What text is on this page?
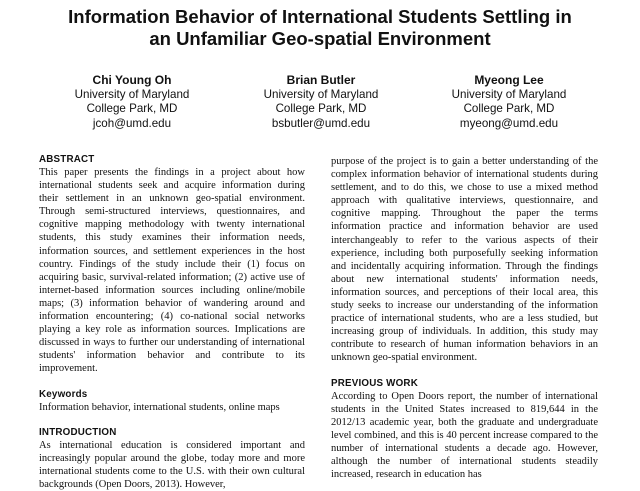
Information Behavior of International Students Settling in
an Unfamiliar Geo-spatial Environment
Chi Young Oh
University of Maryland
College Park, MD
jcoh@umd.edu
Brian Butler
University of Maryland
College Park, MD
bsbutler@umd.edu
Myeong Lee
University of Maryland
College Park, MD
myeong@umd.edu
ABSTRACT

This paper presents the findings in a project about how international students seek and acquire information during their settlement in an unknown geo-spatial environment. Through semi-structured interviews, questionnaires, and cognitive mapping methodology with twenty international students, this study examines their information needs, information sources, and settlement experiences in the host country. Findings of the study include their (1) focus on acquiring basic, survival-related information; (2) active use of internet-based information sources including online/mobile maps; (3) information behavior of wandering around and information encountering; (4) co-national social networks playing a key role as information sources. Implications are discussed in ways to further our understanding of international students' information behavior and contribute to its improvement.

Keywords

Information behavior, international students, online maps

INTRODUCTION

As international education is considered important and increasingly popular around the globe, today more and more international students come to the U.S. with their own cultural backgrounds (Open Doors, 2013). However,

purpose of the project is to gain a better understanding of the complex information behavior of international students during settlement, and to do this, we chose to use a mixed method approach with qualitative interviews, questionnaire, and cognitive mapping. Throughout the paper the terms information practice and information behavior are used interchangeably to refer to the various aspects of their experience, including both purposefully seeking information and incidentally acquiring information. Through the findings about new international students' information needs, information sources, and perceptions of their local area, this study seeks to increase our understanding of the information practice of international students, who are a less studied, but increasing group of individuals. In addition, this study may contribute to research of human information behaviors in an unknown geo-spatial environment.

PREVIOUS WORK

According to Open Doors report, the number of international students in the United States increased to 819,644 in the 2012/13 academic year, both the graduate and undergraduate level combined, and this is 40 percent increase compared to the number of international students a decade ago. However, although the number of international students steadily increased, research in education has
